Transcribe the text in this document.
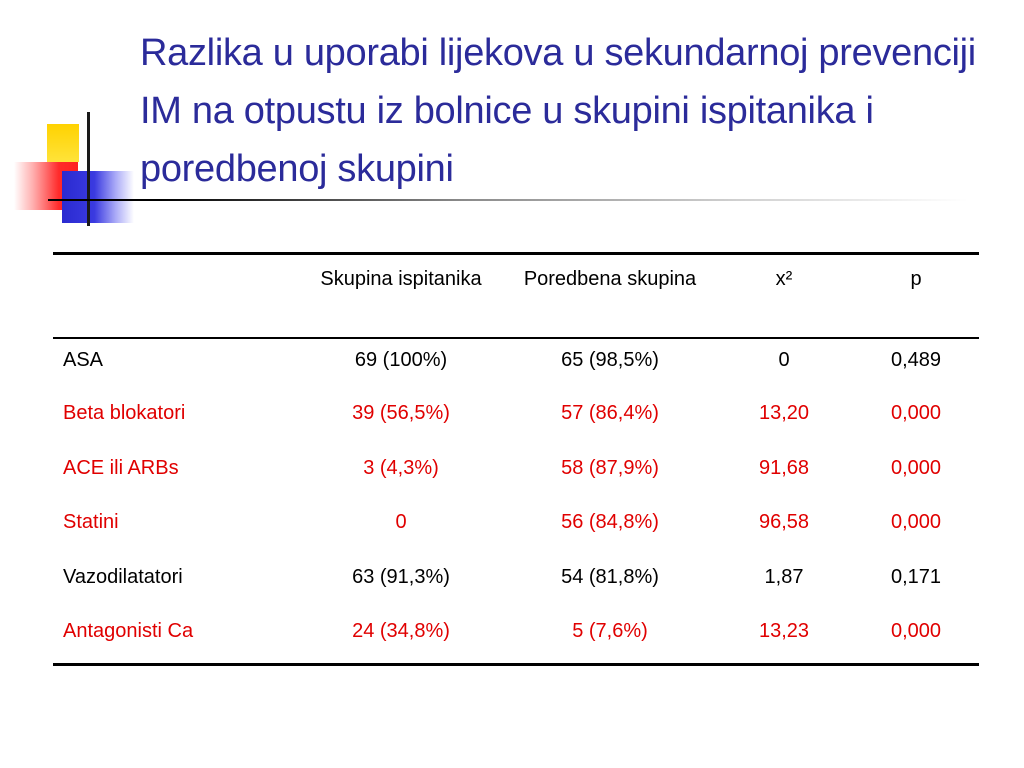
Razlika u uporabi lijekova u sekundarnoj prevenciji IM na otpustu iz bolnice u skupini ispitanika i poredbenoj skupini
	Skupina ispitanika	Poredbena skupina	x²	p
ASA	69 (100%)	65 (98,5%)	0	0,489
Beta blokatori	39 (56,5%)	57 (86,4%)	13,20	0,000
ACE ili ARBs	3 (4,3%)	58 (87,9%)	91,68	0,000
Statini	0	56 (84,8%)	96,58	0,000
Vazodilatatori	63 (91,3%)	54 (81,8%)	1,87	0,171
Antagonisti Ca	24 (34,8%)	5 (7,6%)	13,23	0,000
